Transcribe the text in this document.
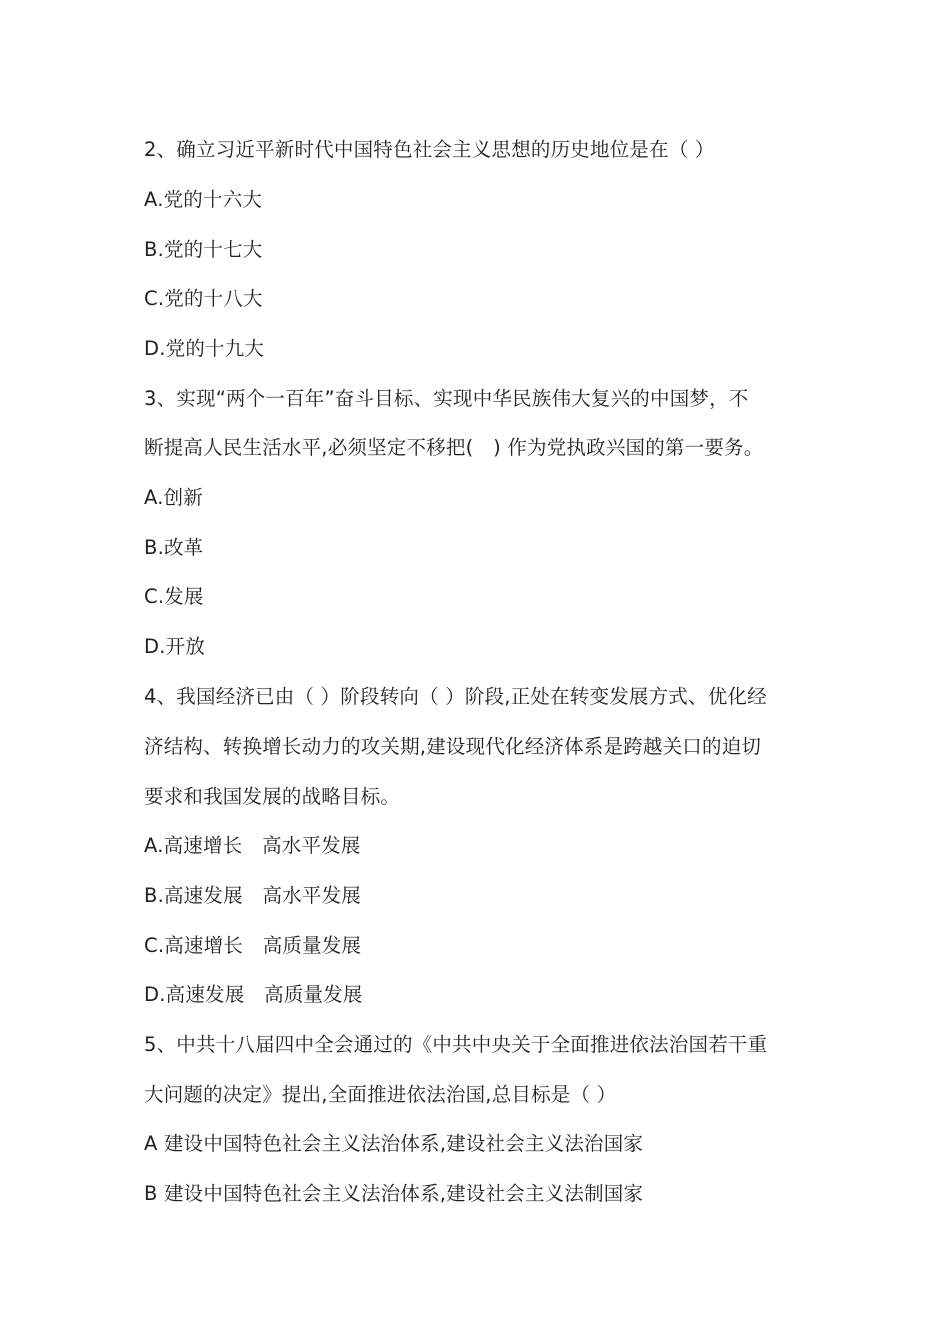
2、确立习近平新时代中国特色社会主义思想的历史地位是在（ ）
A.党的十六大
B.党的十七大
C.党的十八大
D.党的十九大
3、实现“两个一百年”奋斗目标、实现中华民族伟大复兴的中国梦，不
断提高人民生活水平,必须坚定不移把(　) 作为党执政兴国的第一要务。
A.创新
B.改革
C.发展
D.开放
4、我国经济已由（ ）阶段转向（ ）阶段,正处在转变发展方式、优化经
济结构、转换增长动力的攻关期,建设现代化经济体系是跨越关口的迫切
要求和我国发展的战略目标。
A.高速增长　高水平发展
B.高速发展　高水平发展
C.高速增长　高质量发展
D.高速发展　高质量发展
5、中共十八届四中全会通过的《中共中央关于全面推进依法治国若干重
大问题的决定》提出,全面推进依法治国,总目标是（ ）
A 建设中国特色社会主义法治体系,建设社会主义法治国家
B 建设中国特色社会主义法治体系,建设社会主义法制国家
